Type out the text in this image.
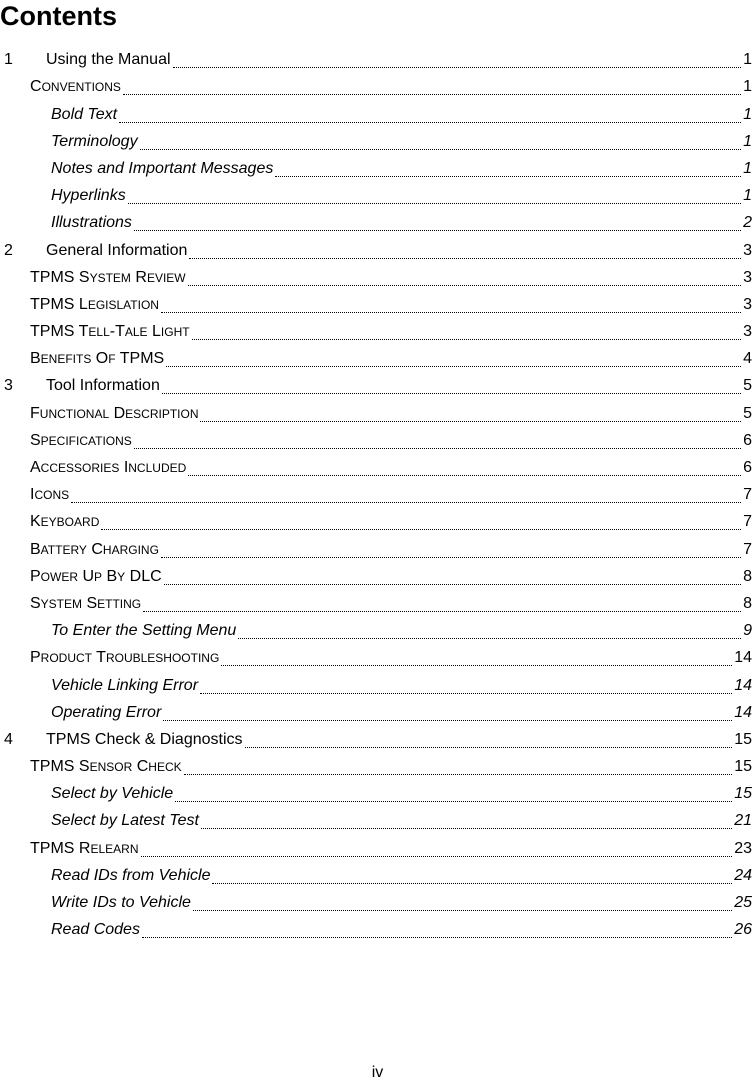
Contents
1 Using the Manual	1
CONVENTIONS	1
Bold Text	1
Terminology	1
Notes and Important Messages	1
Hyperlinks	1
Illustrations	2
2 General Information	3
TPMS SYSTEM REVIEW	3
TPMS LEGISLATION	3
TPMS TELL-TALE LIGHT	3
BENEFITS OF TPMS	4
3 Tool Information	5
FUNCTIONAL DESCRIPTION	5
SPECIFICATIONS	6
ACCESSORIES INCLUDED	6
ICONS	7
KEYBOARD	7
BATTERY CHARGING	7
POWER UP BY DLC	8
SYSTEM SETTING	8
To Enter the Setting Menu	9
PRODUCT TROUBLESHOOTING	14
Vehicle Linking Error	14
Operating Error	14
4 TPMS Check & Diagnostics	15
TPMS SENSOR CHECK	15
Select by Vehicle	15
Select by Latest Test	21
TPMS RELEARN	23
Read IDs from Vehicle	24
Write IDs to Vehicle	25
Read Codes	26
iv
